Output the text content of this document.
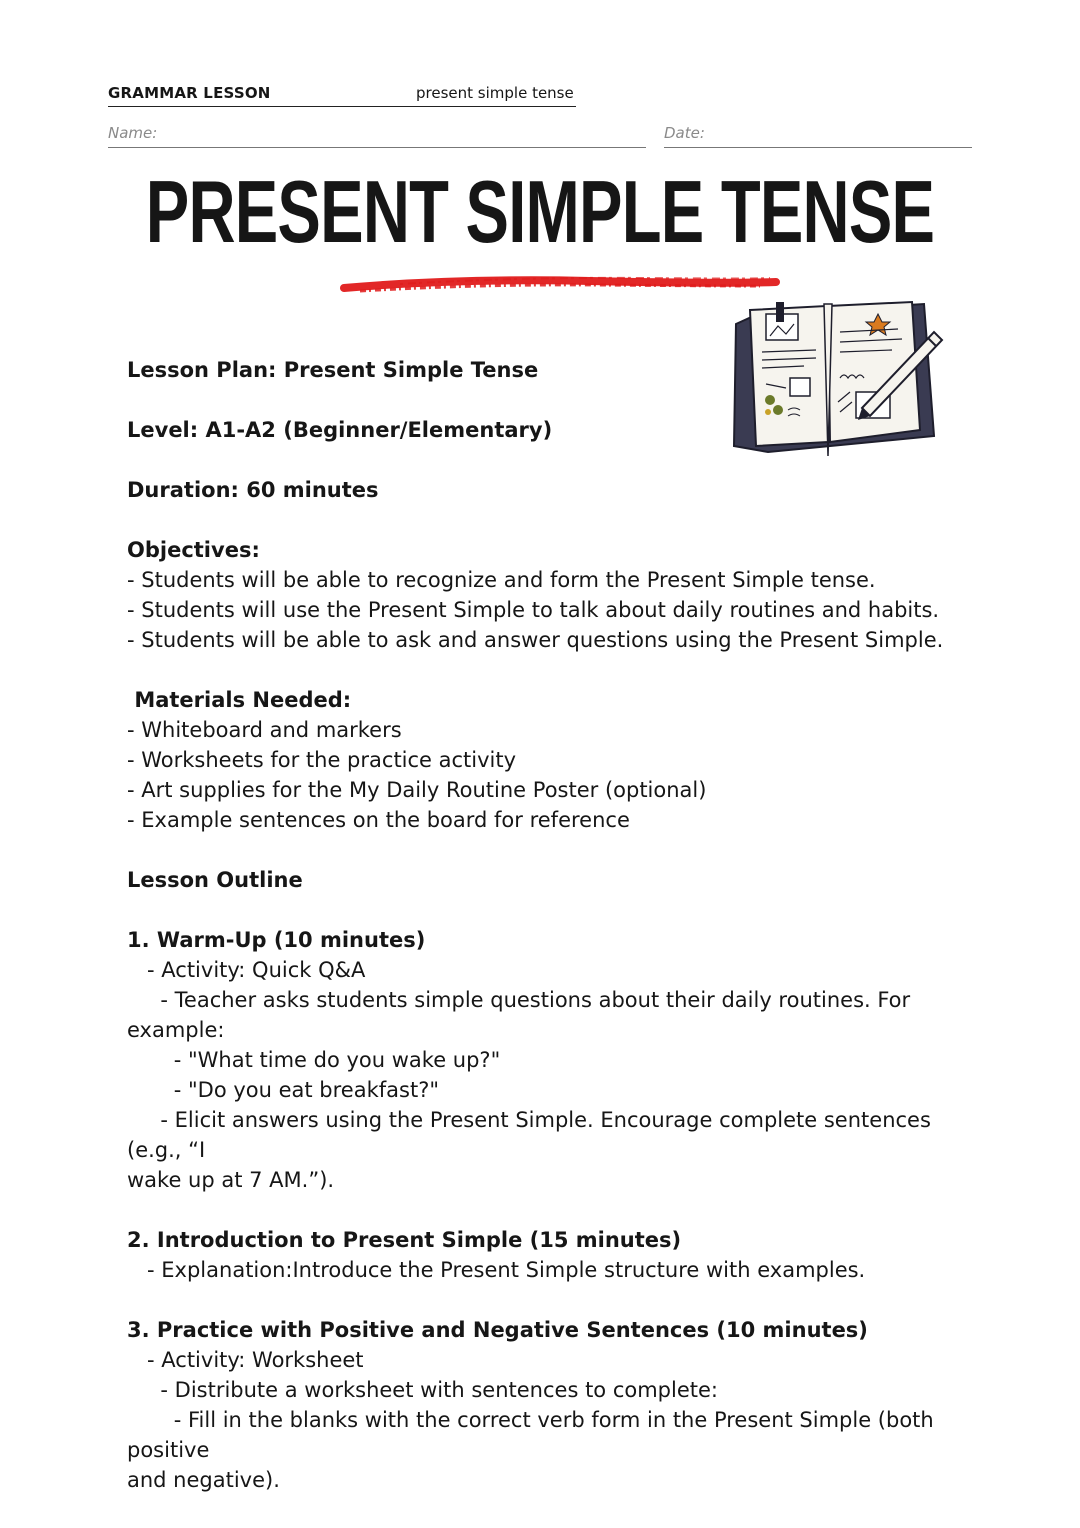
GRAMMAR LESSON	present simple tense
Name:	Date:
PRESENT SIMPLE TENSE

Lesson Plan: Present Simple Tense

Level: A1-A2 (Beginner/Elementary)

Duration: 60 minutes

Objectives:

- Students will be able to recognize and form the Present Simple tense.

- Students will use the Present Simple to talk about daily routines and habits.

- Students will be able to ask and answer questions using the Present Simple.

Materials Needed:

- Whiteboard and markers

- Worksheets for the practice activity

- Art supplies for the My Daily Routine Poster (optional)

- Example sentences on the board for reference

Lesson Outline

1. Warm-Up (10 minutes)

- Activity: Quick Q&A

- Teacher asks students simple questions about their daily routines. For example:

- "What time do you wake up?"

- "Do you eat breakfast?"

- Elicit answers using the Present Simple. Encourage complete sentences (e.g., “I

wake up at 7 AM.”).

2. Introduction to Present Simple (15 minutes)

- Explanation:Introduce the Present Simple structure with examples.

3. Practice with Positive and Negative Sentences (10 minutes)

- Activity: Worksheet

- Distribute a worksheet with sentences to complete:

- Fill in the blanks with the correct verb form in the Present Simple (both positive

and negative).
